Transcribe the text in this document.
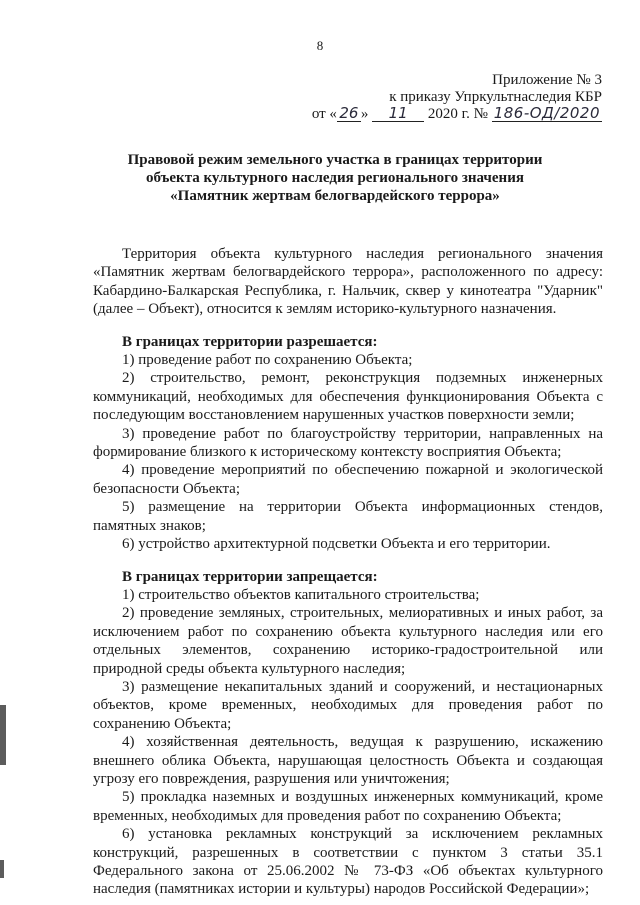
8
Приложение № 3
к приказу Упркультнаследия КБР
от « 26 » 11 2020 г. № 186-ОД/2020
Правовой режим земельного участка в границах территории
объекта культурного наследия регионального значения
«Памятник жертвам белогвардейского террора»

Территория объекта культурного наследия регионального значения «Памятник жертвам белогвардейского террора», расположенного по адресу: Кабардино-Балкарская Республика, г. Нальчик, сквер у кинотеатра "Ударник" (далее – Объект), относится к землям историко-культурного назначения.

В границах территории разрешается:

1) проведение работ по сохранению Объекта;

2) строительство, ремонт, реконструкция подземных инженерных коммуникаций, необходимых для обеспечения функционирования Объекта с последующим восстановлением нарушенных участков поверхности земли;

3) проведение работ по благоустройству территории, направленных на формирование близкого к историческому контексту восприятия Объекта;

4) проведение мероприятий по обеспечению пожарной и экологической безопасности Объекта;

5) размещение на территории Объекта информационных стендов, памятных знаков;

6) устройство архитектурной подсветки Объекта и его территории.

В границах территории запрещается:

1) строительство объектов капитального строительства;

2) проведение земляных, строительных, мелиоративных и иных работ, за исключением работ по сохранению объекта культурного наследия или его отдельных элементов, сохранению историко-градостроительной или природной среды объекта культурного наследия;

3) размещение некапитальных зданий и сооружений, и нестационарных объектов, кроме временных, необходимых для проведения работ по сохранению Объекта;

4) хозяйственная деятельность, ведущая к разрушению, искажению внешнего облика Объекта, нарушающая целостность Объекта и создающая угрозу его повреждения, разрушения или уничтожения;

5) прокладка наземных и воздушных инженерных коммуникаций, кроме временных, необходимых для проведения работ по сохранению Объекта;

6) установка рекламных конструкций за исключением рекламных конструкций, разрешенных в соответствии с пунктом 3 статьи 35.1 Федерального закона от 25.06.2002 № 73-ФЗ «Об объектах культурного наследия (памятниках истории и культуры) народов Российской Федерации»;
